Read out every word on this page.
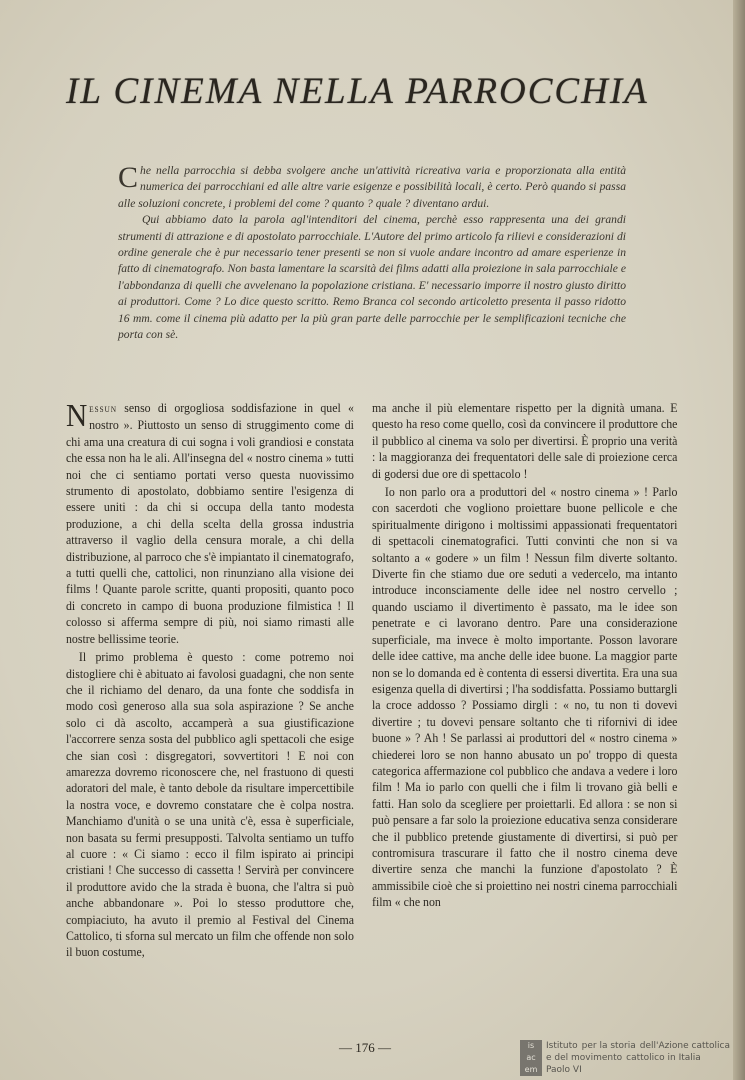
IL CINEMA NELLA PARROCCHIA

Che nella parrocchia si debba svolgere anche un'attività ricreativa varia e proporzionata alla entità numerica dei parrocchiani ed alle altre varie esigenze e possibilità locali, è certo. Però quando si passa alle soluzioni concrete, i problemi del come ? quanto ? quale ? diventano ardui.

Qui abbiamo dato la parola agl'intenditori del cinema, perchè esso rappresenta una dei grandi strumenti di attrazione e di apostolato parrocchiale. L'Autore del primo articolo fa rilievi e considerazioni di ordine generale che è pur necessario tener presenti se non si vuole andare incontro ad amare esperienze in fatto di cinematografo. Non basta lamentare la scarsità dei films adatti alla proiezione in sala parrocchiale e l'abbondanza di quelli che avvelenano la popolazione cristiana. E' necessario imporre il nostro giusto diritto ai produttori. Come ? Lo dice questo scritto. Remo Branca col secondo articoletto presenta il passo ridotto 16 mm. come il cinema più adatto per la più gran parte delle parrocchie per le semplificazioni tecniche che porta con sè.

Nessun senso di orgogliosa soddisfazione in quel « nostro ». Piuttosto un senso di struggimento come di chi ama una creatura di cui sogna i voli grandiosi e constata che essa non ha le ali. All'insegna del « nostro cinema » tutti noi che ci sentiamo portati verso questa nuovissimo strumento di apostolato, dobbiamo sentire l'esigenza di essere uniti : da chi si occupa della tanto modesta produzione, a chi della scelta della grossa industria attraverso il vaglio della censura morale, a chi della distribuzione, al parroco che s'è impiantato il cinematografo, a tutti quelli che, cattolici, non rinunziano alla visione dei films ! Quante parole scritte, quanti propositi, quanto poco di concreto in campo di buona produzione filmistica ! Il colosso si afferma sempre di più, noi siamo rimasti alle nostre bellissime teorie.

Il primo problema è questo : come potremo noi distogliere chi è abituato ai favolosi guadagni, che non sente che il richiamo del denaro, da una fonte che soddisfa in modo così generoso alla sua sola aspirazione ? Se anche solo ci dà ascolto, accamperà a sua giustificazione l'accorrere senza sosta del pubblico agli spettacoli che esige che sian così : disgregatori, sovvertitori ! E noi con amarezza dovremo riconoscere che, nel frastuono di questi adoratori del male, è tanto debole da risultare impercettibile la nostra voce, e dovremo constatare che è colpa nostra. Manchiamo d'unità o se una unità c'è, essa è superficiale, non basata su fermi presupposti. Talvolta sentiamo un tuffo al cuore : « Ci siamo : ecco il film ispirato ai principi cristiani ! Che successo di cassetta ! Servirà per convincere il produttore avido che la strada è buona, che l'altra si può anche abbandonare ». Poi lo stesso produttore che, compiaciuto, ha avuto il premio al Festival del Cinema Cattolico, ti sforna sul mercato un film che offende non solo il buon costume,

ma anche il più elementare rispetto per la dignità umana. E questo ha reso come quello, così da convincere il produttore che il pubblico al cinema va solo per divertirsi. È proprio una verità : la maggioranza dei frequentatori delle sale di proiezione cerca di godersi due ore di spettacolo !

Io non parlo ora a produttori del « nostro cinema » ! Parlo con sacerdoti che vogliono proiettare buone pellicole e che spiritualmente dirigono i moltissimi appassionati frequentatori di spettacoli cinematografici. Tutti convinti che non si va soltanto a « godere » un film ! Nessun film diverte soltanto. Diverte fin che stiamo due ore seduti a vedercelo, ma intanto introduce inconsciamente delle idee nel nostro cervello ; quando usciamo il divertimento è passato, ma le idee son penetrate e ci lavorano dentro. Pare una considerazione superficiale, ma invece è molto importante. Posson lavorare delle idee cattive, ma anche delle idee buone. La maggior parte non se lo domanda ed è contenta di essersi divertita. Era una sua esigenza quella di divertirsi ; l'ha soddisfatta. Possiamo buttargli la croce addosso ? Possiamo dirgli : « no, tu non ti dovevi divertire ; tu dovevi pensare soltanto che ti rifornivi di idee buone » ? Ah ! Se parlassi ai produttori del « nostro cinema » chiederei loro se non hanno abusato un po' troppo di questa categorica affermazione col pubblico che andava a vedere i loro film ! Ma io parlo con quelli che i film li trovano già belli e fatti. Han solo da scegliere per proiettarli. Ed allora : se non si può pensare a far solo la proiezione educativa senza considerare che il pubblico pretende giustamente di divertirsi, si può per contromisura trascurare il fatto che il nostro cinema deve divertire senza che manchi la funzione d'apostolato ? È ammissibile cioè che si proiettino nei nostri cinema parrocchiali film « che non

— 176 —	is
ac
em
Istituto per la storia dell'Azione cattolica
e del movimento cattolico in Italia
Paolo VI
